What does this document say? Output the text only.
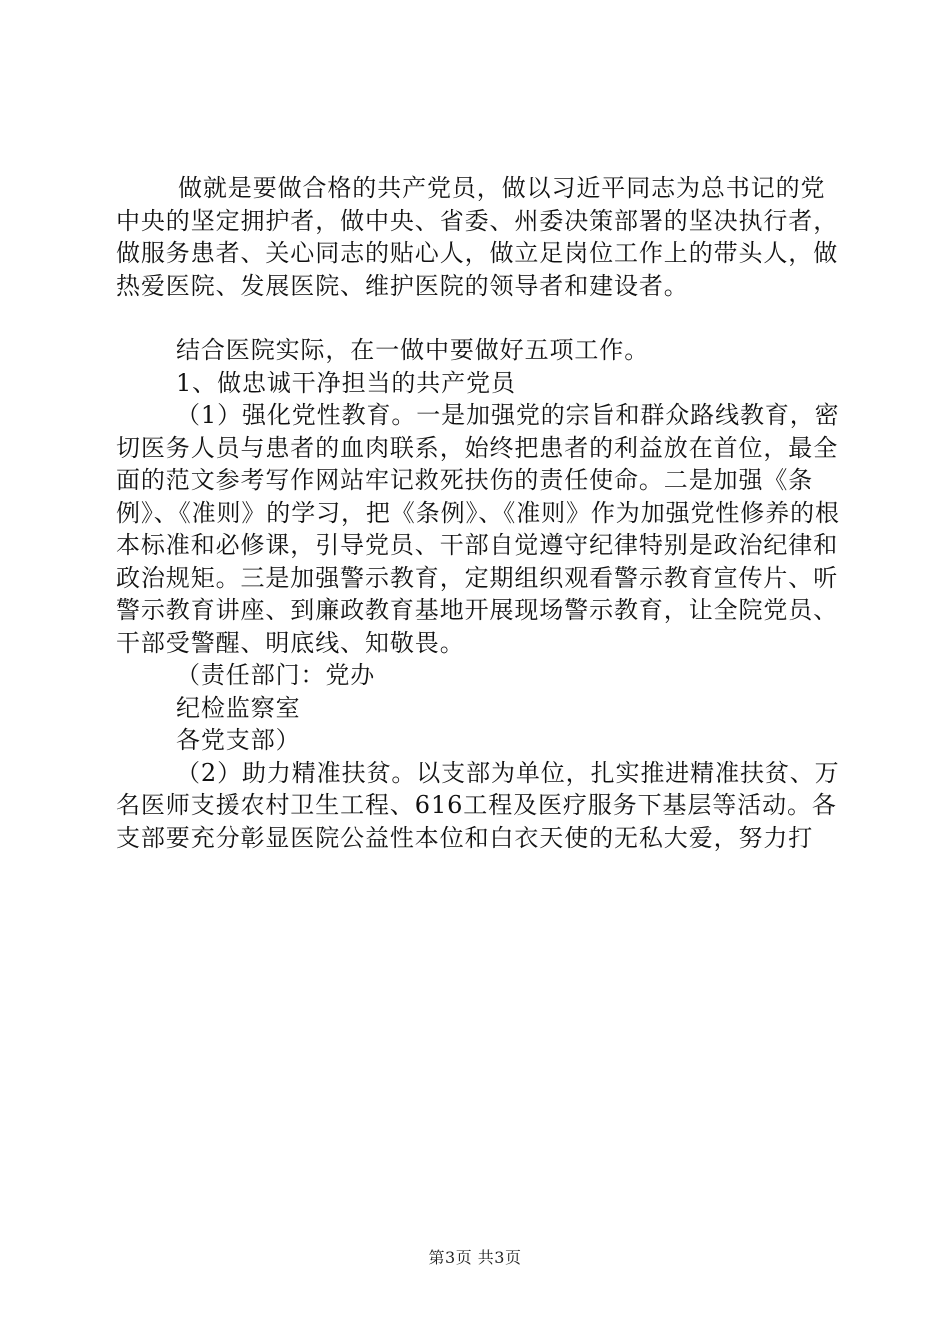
做就是要做合格的共产党员，做以习近平同志为总书记的党中央的坚定拥护者，做中央、省委、州委决策部署的坚决执行者，做服务患者、关心同志的贴心人，做立足岗位工作上的带头人，做热爱医院、发展医院、维护医院的领导者和建设者。

结合医院实际，在一做中要做好五项工作。

1、做忠诚干净担当的共产党员

（1）强化党性教育。一是加强党的宗旨和群众路线教育，密切医务人员与患者的血肉联系，始终把患者的利益放在首位，最全面的范文参考写作网站牢记救死扶伤的责任使命。二是加强《条例》、《准则》的学习，把《条例》、《准则》作为加强党性修养的根本标准和必修课，引导党员、干部自觉遵守纪律特别是政治纪律和政治规矩。三是加强警示教育，定期组织观看警示教育宣传片、听警示教育讲座、到廉政教育基地开展现场警示教育，让全院党员、干部受警醒、明底线、知敬畏。

（责任部门：党办

纪检监察室

各党支部）

（2）助力精准扶贫。以支部为单位，扎实推进精准扶贫、万名医师支援农村卫生工程、616工程及医疗服务下基层等活动。各支部要充分彰显医院公益性本位和白衣天使的无私大爱，努力打

第3页 共3页
